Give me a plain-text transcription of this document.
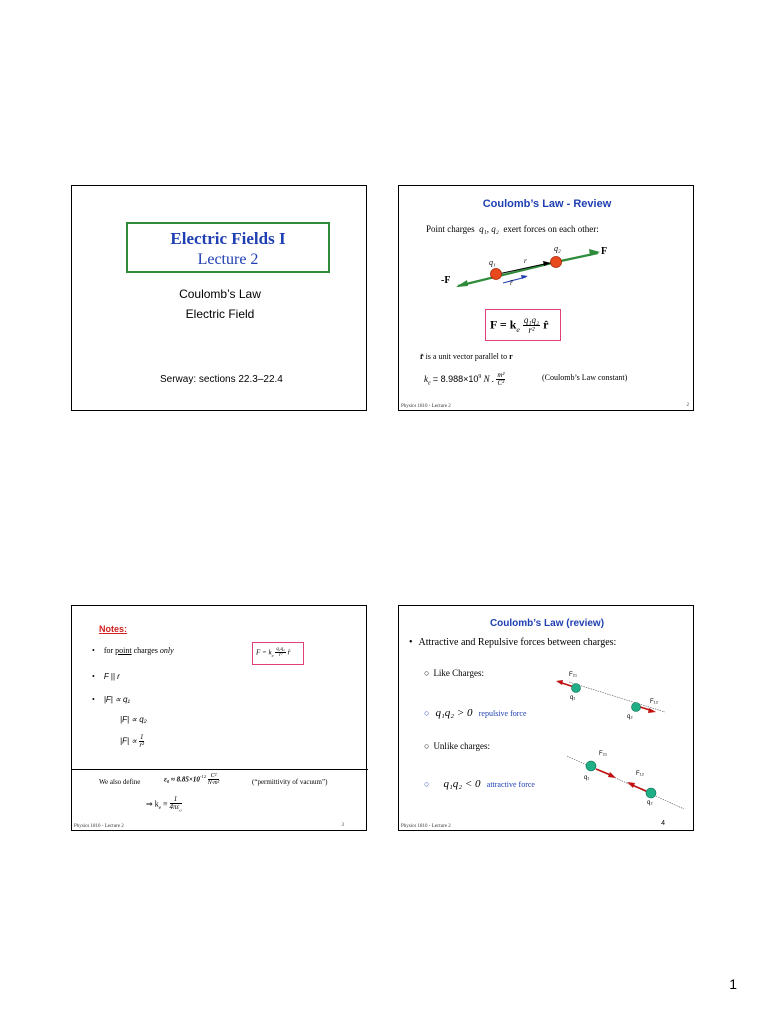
Electric Fields I
Lecture 2
Coulomb’s Law
Electric Field
Serway: sections 22.3–22.4
Coulomb’s Law - Review
Point charges q₁, q₂ exert forces on each other:
q₁
q₂
r
r̂
F
-F
$F = k_e \frac{\text{q₁q₂}}{\text{r²}}$ r̂
r̂ is a unit vector parallel to r
$k_e = 8.988\times 10^9$ N . $\frac{\text{m²}}{\text{C²}}$	(Coulomb’s Law constant)
Physics 1810 - Lecture 2	2
Notes:
• for point charges only	$F = k_e \frac{\text{q₁q₂}}{\text{r²}}$ r̂
• F || r
• |F| ∝ q₁
|F| ∝ q₂
$|F| \propto \frac{1}{\text{r²}}$
We also define	$\varepsilon_0 \approx 8.85\times 10^{-12} \frac{\text{C²}}{\text{N·m²}}$	(“permittivity of vacuum”)
⇒ $k_e \equiv \frac{1}{4\pi\varepsilon_o}$
Physics 1810 - Lecture 2	3
Coulomb’s Law (review)
• Attractive and Repulsive forces between charges:
○ Like Charges:
○ q₁q₂ > 0 repulsive force
○ Unlike charges:
○ q₁q₂ < 0 attractive force
F₂₁
q₁
F₁₂
q₂
F₂₁
q₁
F₁₂
q₂
Physics 1810 - Lecture 2	4
1
